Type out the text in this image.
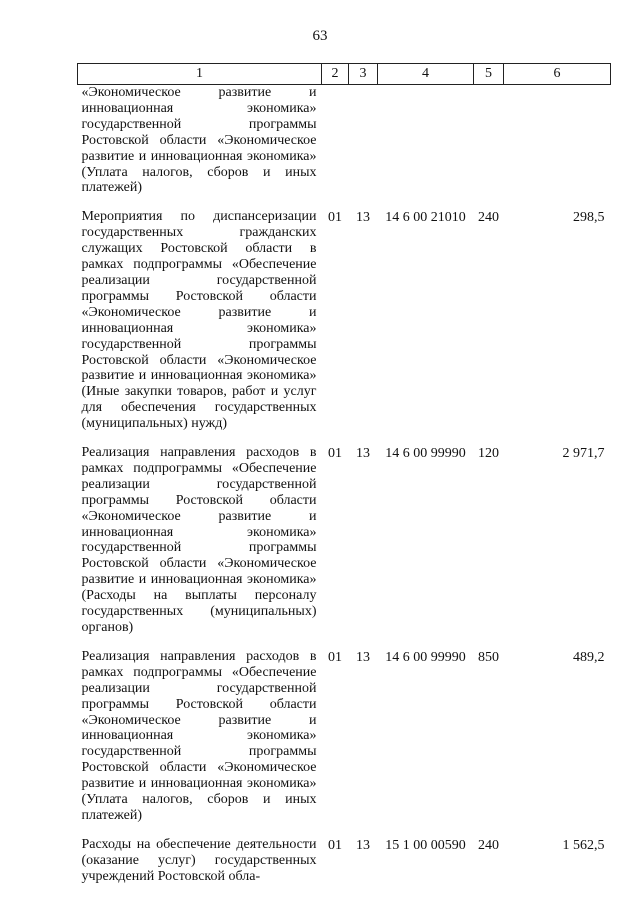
63
1	2	3	4	5	6
«Экономическое развитие и инновационная экономика» государственной программы Ростовской области «Экономическое развитие и инновационная экономика» (Уплата налогов, сборов и иных платежей)					
Мероприятия по диспансеризации государственных гражданских служащих Ростовской области в рамках подпрограммы «Обеспечение реализации государственной программы Ростовской области «Экономическое развитие и инновационная экономика» государственной программы Ростовской области «Экономическое развитие и инновационная экономика» (Иные закупки товаров, работ и услуг для обеспечения государственных (муниципальных) нужд)	01	13	14 6 00 21010	240	298,5
Реализация направления расходов в рамках подпрограммы «Обеспечение реализации государственной программы Ростовской области «Экономическое развитие и инновационная экономика» государственной программы Ростовской области «Экономическое развитие и инновационная экономика» (Расходы на выплаты персоналу государственных (муниципальных) органов)	01	13	14 6 00 99990	120	2 971,7
Реализация направления расходов в рамках подпрограммы «Обеспечение реализации государственной программы Ростовской области «Экономическое развитие и инновационная экономика» государственной программы Ростовской области «Экономическое развитие и инновационная экономика» (Уплата налогов, сборов и иных платежей)	01	13	14 6 00 99990	850	489,2
Расходы на обеспечение деятельности (оказание услуг) государственных учреждений Ростовской обла-	01	13	15 1 00 00590	240	1 562,5
